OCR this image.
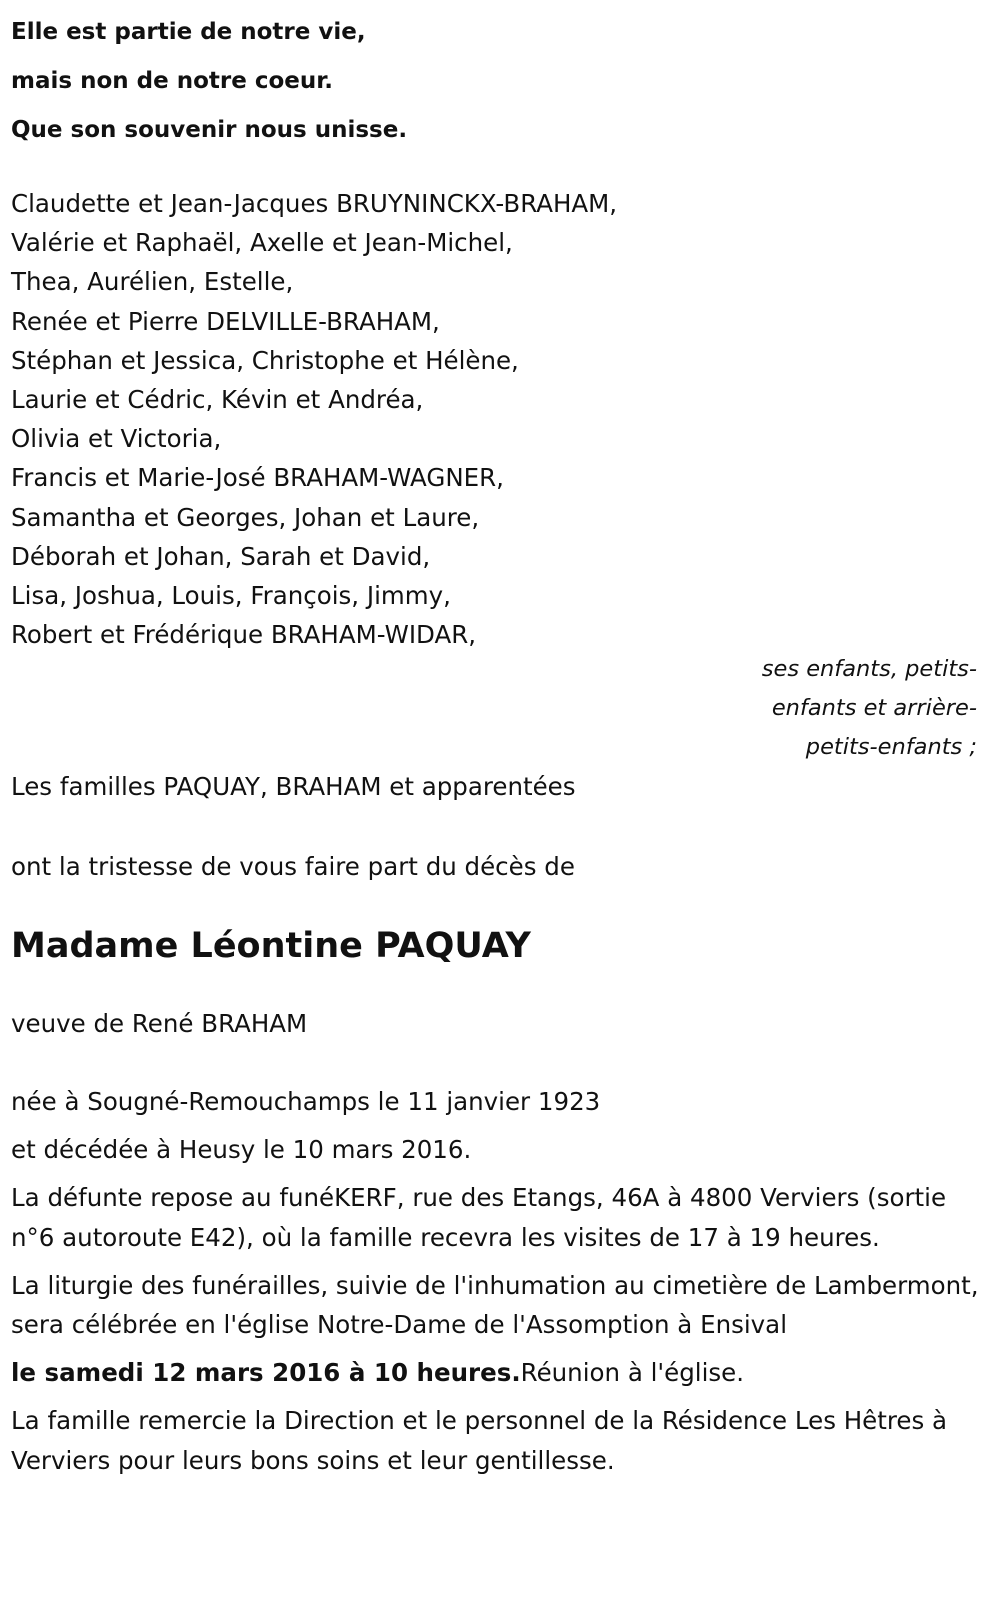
Elle est partie de notre vie,
mais non de notre coeur.
Que son souvenir nous unisse.
Claudette et Jean-Jacques BRUYNINCKX-BRAHAM,
Valérie et Raphaël, Axelle et Jean-Michel,
Thea, Aurélien, Estelle,
Renée et Pierre DELVILLE-BRAHAM,
Stéphan et Jessica, Christophe et Hélène,
Laurie et Cédric, Kévin et Andréa,
Olivia et Victoria,
Francis et Marie-José BRAHAM-WAGNER,
Samantha et Georges, Johan et Laure,
Déborah et Johan, Sarah et David,
Lisa, Joshua, Louis, François, Jimmy,
Robert et Frédérique BRAHAM-WIDAR,
ses enfants, petits-
enfants et arrière-
petits-enfants ;
Les familles PAQUAY, BRAHAM et apparentées
ont la tristesse de vous faire part du décès de
Madame Léontine PAQUAY
veuve de René BRAHAM
née à Sougné-Remouchamps le 11 janvier 1923
et décédée à Heusy le 10 mars 2016.
La défunte repose au funéKERF, rue des Etangs, 46A à 4800 Verviers (sortie n°6 autoroute E42), où la famille recevra les visites de 17 à 19 heures.
La liturgie des funérailles, suivie de l'inhumation au cimetière de Lambermont, sera célébrée en l'église Notre-Dame de l'Assomption à Ensival
le samedi 12 mars 2016 à 10 heures.Réunion à l'église.
La famille remercie la Direction et le personnel de la Résidence Les Hêtres à Verviers pour leurs bons soins et leur gentillesse.
